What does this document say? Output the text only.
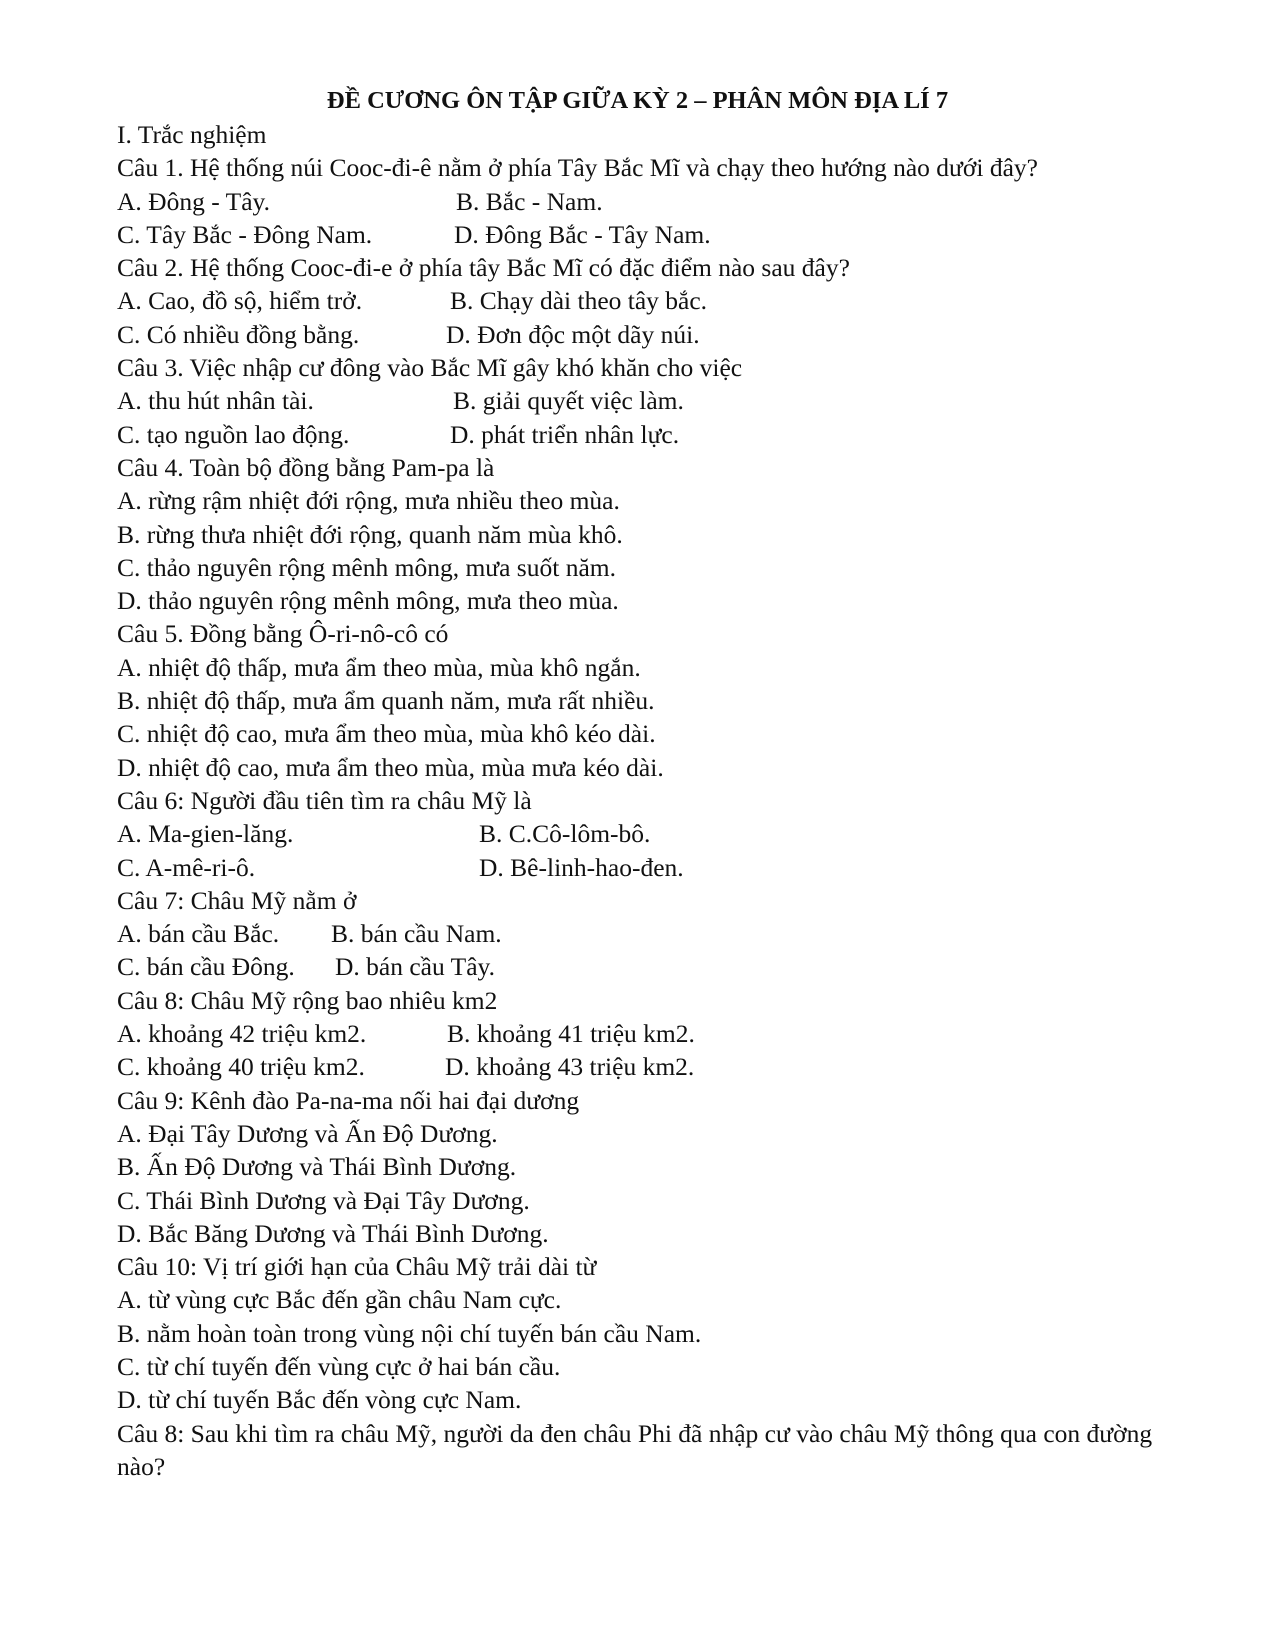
ĐỀ CƯƠNG ÔN TẬP GIỮA KỲ 2 – PHÂN MÔN ĐỊA LÍ 7
I. Trắc nghiệm
Câu 1. Hệ thống núi Cooc-đi-ê nằm ở phía Tây Bắc Mĩ và chạy theo hướng nào dưới đây?
A. Đông - Tây.	B. Bắc - Nam.
C. Tây Bắc - Đông Nam.	D. Đông Bắc - Tây Nam.
Câu 2. Hệ thống Cooc-đi-e ở phía tây Bắc Mĩ có đặc điểm nào sau đây?
A. Cao, đồ sộ, hiểm trở.	B. Chạy dài theo tây bắc.
C. Có nhiều đồng bằng.	D. Đơn độc một dãy núi.
Câu 3. Việc nhập cư đông vào Bắc Mĩ gây khó khăn cho việc
A. thu hút nhân tài.	B. giải quyết việc làm.
C. tạo nguồn lao động.	D. phát triển nhân lực.
Câu 4. Toàn bộ đồng bằng Pam-pa là
A. rừng rậm nhiệt đới rộng, mưa nhiều theo mùa.
B. rừng thưa nhiệt đới rộng, quanh năm mùa khô.
C. thảo nguyên rộng mênh mông, mưa suốt năm.
D. thảo nguyên rộng mênh mông, mưa theo mùa.
Câu 5. Đồng bằng Ô-ri-nô-cô có
A. nhiệt độ thấp, mưa ẩm theo mùa, mùa khô ngắn.
B. nhiệt độ thấp, mưa ẩm quanh năm, mưa rất nhiều.
C. nhiệt độ cao, mưa ẩm theo mùa, mùa khô kéo dài.
D. nhiệt độ cao, mưa ẩm theo mùa, mùa mưa kéo dài.
Câu 6: Người đầu tiên tìm ra châu Mỹ là
A. Ma-gien-lăng.	B. C.Cô-lôm-bô.
C. A-mê-ri-ô.	D. Bê-linh-hao-đen.
Câu 7: Châu Mỹ nằm ở
A. bán cầu Bắc. B. bán cầu Nam.
C. bán cầu Đông. D. bán cầu Tây.
Câu 8: Châu Mỹ rộng bao nhiêu km2
A. khoảng 42 triệu km2.	B. khoảng 41 triệu km2.
C. khoảng 40 triệu km2.	D. khoảng 43 triệu km2.
Câu 9: Kênh đào Pa-na-ma nối hai đại dương
A. Đại Tây Dương và Ấn Độ Dương.
B. Ấn Độ Dương và Thái Bình Dương.
C. Thái Bình Dương và Đại Tây Dương.
D. Bắc Băng Dương và Thái Bình Dương.
Câu 10: Vị trí giới hạn của Châu Mỹ trải dài từ
A. từ vùng cực Bắc đến gần châu Nam cực.
B. nằm hoàn toàn trong vùng nội chí tuyến bán cầu Nam.
C. từ chí tuyến đến vùng cực ở hai bán cầu.
D. từ chí tuyến Bắc đến vòng cực Nam.
Câu 8: Sau khi tìm ra châu Mỹ, người da đen châu Phi đã nhập cư vào châu Mỹ thông qua con đường nào?
